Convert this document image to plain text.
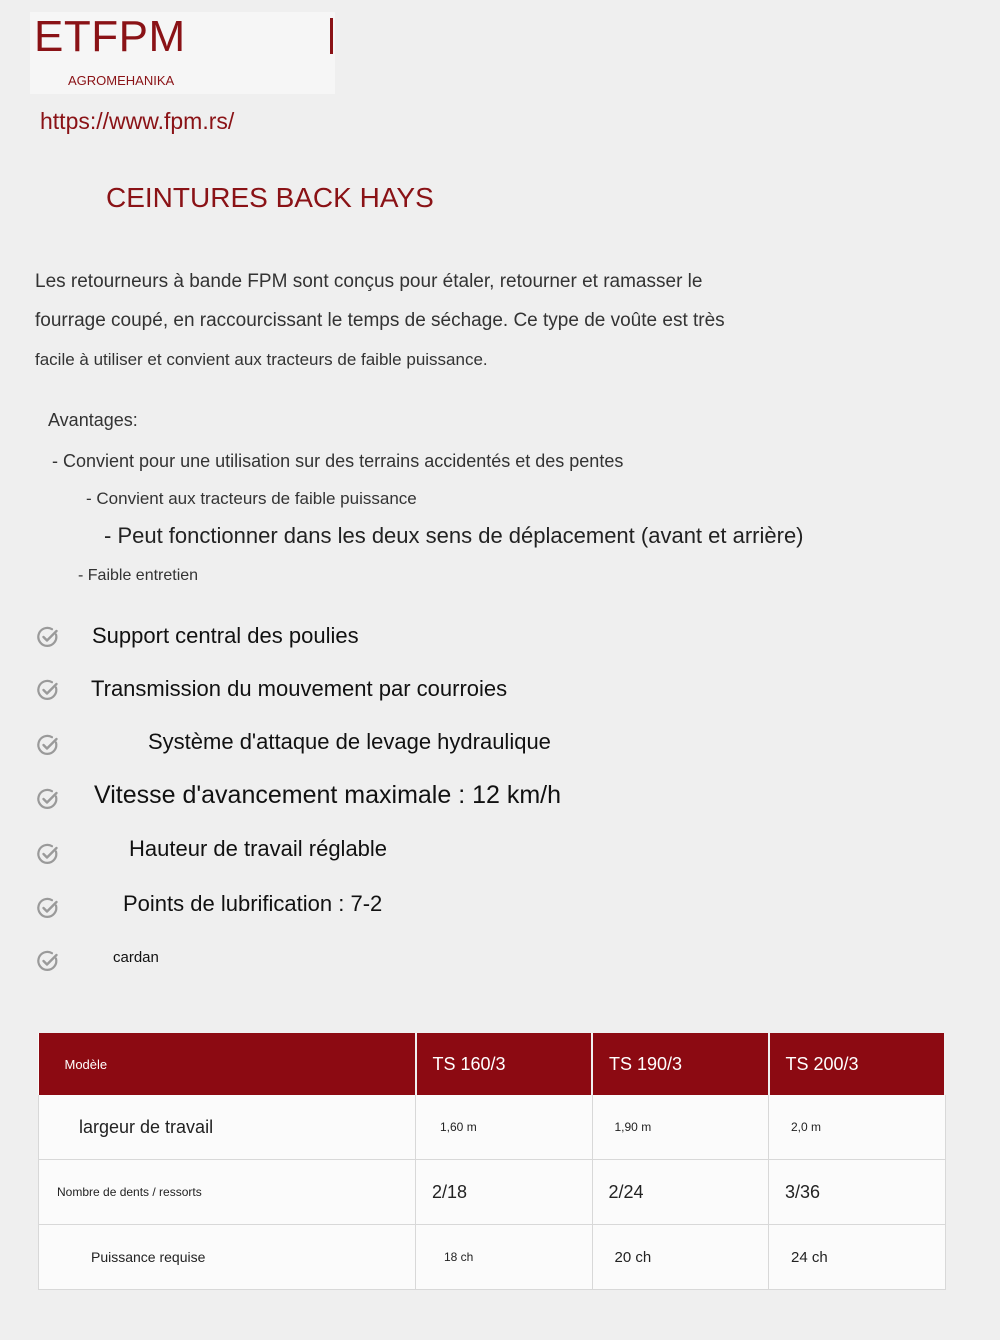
ETFPM
AGROMEHANIKA
https://www.fpm.rs/
CEINTURES BACK HAYS
Les retourneurs à bande FPM sont conçus pour étaler, retourner et ramasser le
fourrage coupé, en raccourcissant le temps de séchage. Ce type de voûte est très
facile à utiliser et convient aux tracteurs de faible puissance.
Avantages:
- Convient pour une utilisation sur des terrains accidentés et des pentes
- Convient aux tracteurs de faible puissance
- Peut fonctionner dans les deux sens de déplacement (avant et arrière)
- Faible entretien
Support central des poulies
Transmission du mouvement par courroies
Système d'attaque de levage hydraulique
Vitesse d'avancement maximale : 12 km/h
Hauteur de travail réglable
Points de lubrification : 7-2
cardan
Modèle	TS 160/3	TS 190/3	TS 200/3
largeur de travail	1,60 m	1,90 m	2,0 m
Nombre de dents / ressorts	2/18	2/24	3/36
Puissance requise	18 ch	20 ch	24 ch
